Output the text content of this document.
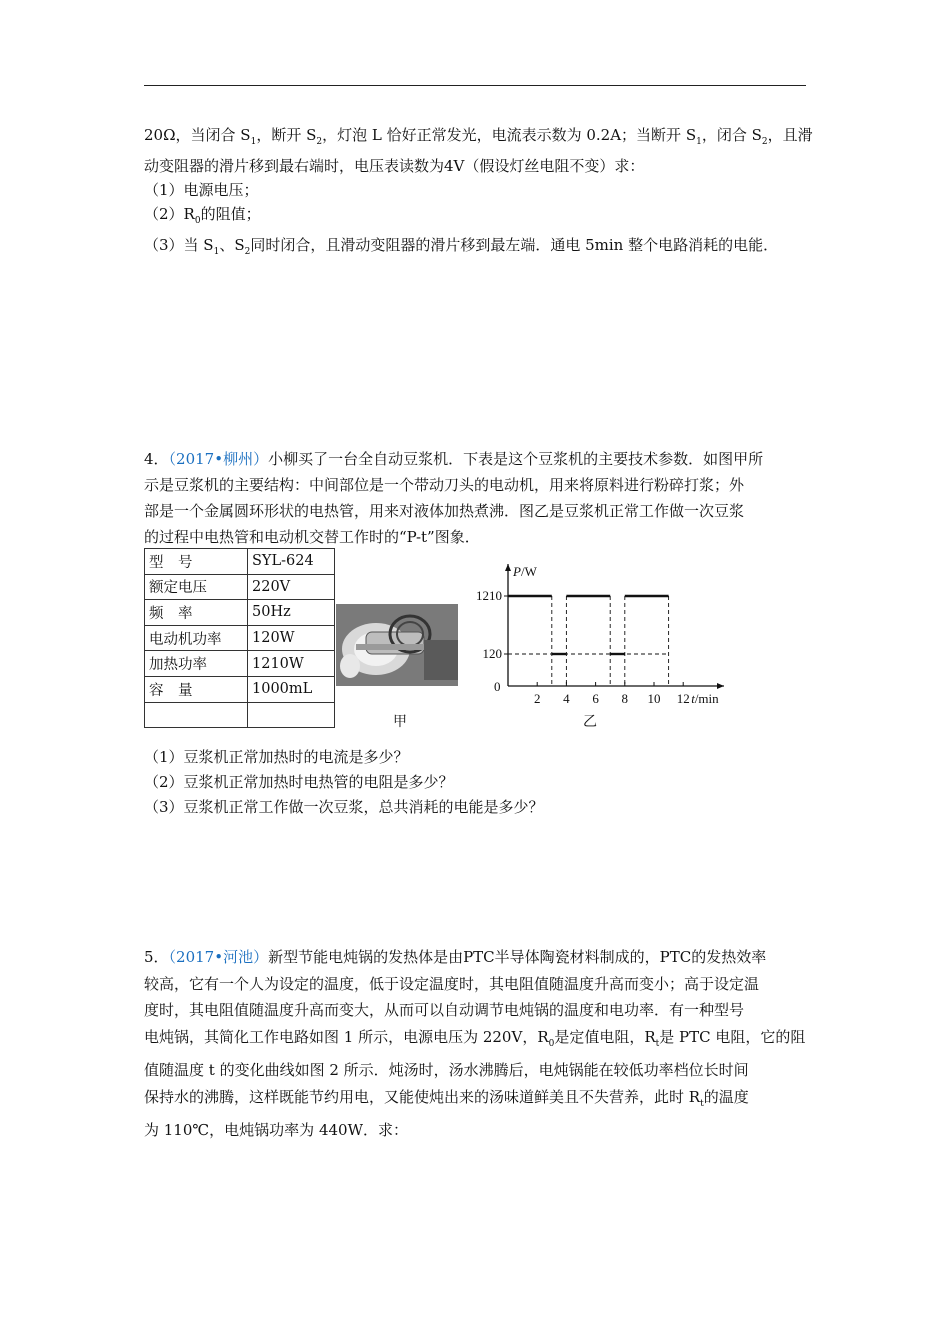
20Ω，当闭合 $S_1$，断开 $S_2$，灯泡 L 恰好正常发光，电流表示数为 0.2A；当断开 $S_1$，闭合 $S_2$，且滑
动变阻器的滑片移到最右端时，电压表读数为4V（假设灯丝电阻不变）求：
（1）电源电压；
$(2)R_0$的阻值；
（3）当 $S_1$、$S_2$同时闭合，且滑动变阻器的滑片移到最左端．通电 5min 整个电路消耗的电能．
4．（2017•柳州）小柳买了一台全自动豆浆机．下表是这个豆浆机的主要技术参数．如图甲所
示是豆浆机的主要结构：中间部位是一个带动刀头的电动机，用来将原料进行粉碎打浆；外
部是一个金属圆环形状的电热管，用来对液体加热煮沸．图乙是豆浆机正常工作做一次豆浆
的过程中电热管和电动机交替工作时的“P-t”图象．
型　号	SYL-624
额定电压	220V
频　率	50Hz
电动机功率	120W
加热功率	1210W
容　量	1000mL

甲
P/W
t/min
0
120
1210
2 4 6 8 10 12
乙
（1）豆浆机正常加热时的电流是多少？
（2）豆浆机正常加热时电热管的电阻是多少？
（3）豆浆机正常工作做一次豆浆，总共消耗的电能是多少？
5．（2017•河池）新型节能电炖锅的发热体是由PTC半导体陶瓷材料制成的，PTC的发热效率
较高，它有一个人为设定的温度，低于设定温度时，其电阻值随温度升高而变小；高于设定温
度时，其电阻值随温度升高而变大，从而可以自动调节电炖锅的温度和电功率．有一种型号
电炖锅，其简化工作电路如图 1 所示，电源电压为 220V，$R_0$是定值电阻，$R_t$是 PTC 电阻，它的阻
值随温度 t 的变化曲线如图 2 所示．炖汤时，汤水沸腾后，电炖锅能在较低功率档位长时间
保持水的沸腾，这样既能节约用电，又能使炖出来的汤味道鲜美且不失营养，此时 $R_t$的温度
为 110℃，电炖锅功率为 440W．求：
